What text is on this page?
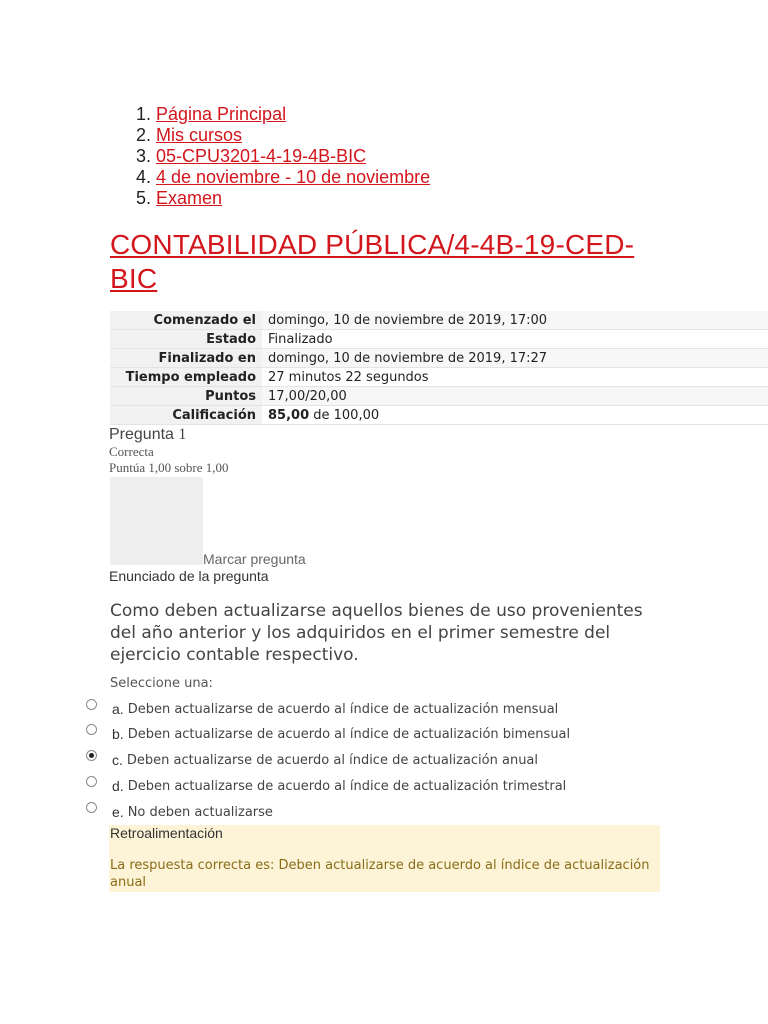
1. Página Principal
2. Mis cursos
3. 05-CPU3201-4-19-4B-BIC
4. 4 de noviembre - 10 de noviembre
5. Examen
CONTABILIDAD PÚBLICA/4-4B-19-CED-BIC
Comenzado el	domingo, 10 de noviembre de 2019, 17:00
Estado	Finalizado
Finalizado en	domingo, 10 de noviembre de 2019, 17:27
Tiempo empleado	27 minutos 22 segundos
Puntos	17,00/20,00
Calificación	85,00 de 100,00
Pregunta 1
Correcta
Puntúa 1,00 sobre 1,00
Marcar pregunta
Enunciado de la pregunta

Como deben actualizarse aquellos bienes de uso provenientes del año anterior y los adquiridos en el primer semestre del ejercicio contable respectivo.

Seleccione una:
a. Deben actualizarse de acuerdo al índice de actualización mensual
b. Deben actualizarse de acuerdo al índice de actualización bimensual
c. Deben actualizarse de acuerdo al índice de actualización anual
d. Deben actualizarse de acuerdo al índice de actualización trimestral
e. No deben actualizarse
Retroalimentación
La respuesta correcta es: Deben actualizarse de acuerdo al índice de actualización anual
